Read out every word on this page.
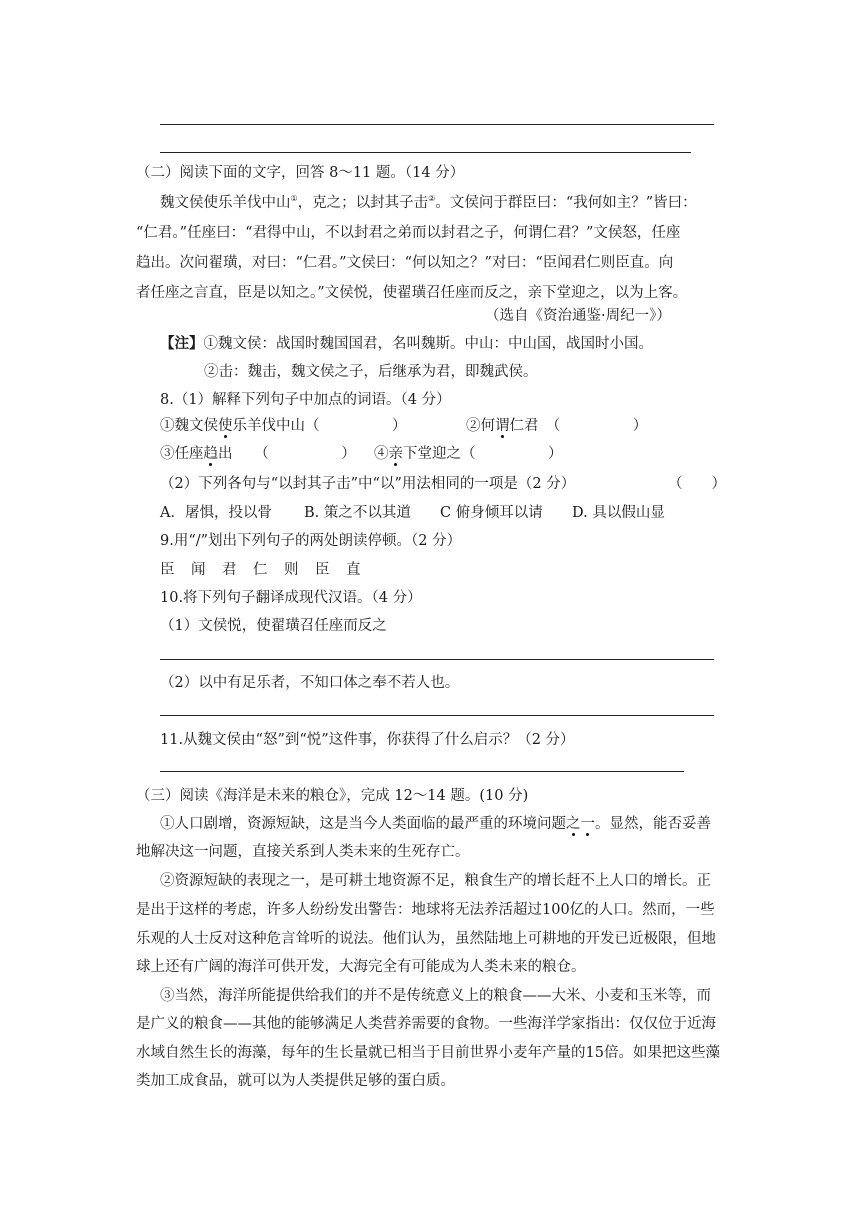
（二）阅读下面的文字，回答 8～11 题。（14 分）
魏文侯使乐羊伐中山①，克之；以封其子击②。文侯问于群臣曰：“我何如主？”皆曰：
“仁君。”任座曰：“君得中山，不以封君之弟而以封君之子，何谓仁君？”文侯怒，任座
趋出。次问翟璜，对曰：“仁君。”文侯曰：“何以知之？”对曰：“臣闻君仁则臣直。向
者任座之言直，臣是以知之。”文侯悦，使翟璜召任座而反之，亲下堂迎之，以为上客。
（选自《资治通鉴·周纪一》）
【注】①魏文侯：战国时魏国国君，名叫魏斯。中山：中山国，战国时小国。
②击：魏击，魏文侯之子，后继承为君，即魏武侯。
8.（1）解释下列句子中加点的词语。（4 分）
①魏文侯使乐羊伐中山（　　　　　）	②何谓仁君　（　　　　　）
③任座趋出　　（　　　　　） ④亲下堂迎之（　　　　　）
（2）下列各句与“以封其子击”中“以”用法相同的一项是（2 分）	（　　）
A．屠惧，投以骨 B. 策之不以其道 C 俯身倾耳以请 D. 具以假山显
9.用“/”划出下列句子的两处朗读停顿。（2 分）
臣　闻　君　仁　则　臣　直
10.将下列句子翻译成现代汉语。（4 分）
（1）文侯悦，使翟璜召任座而反之
（2）以中有足乐者，不知口体之奉不若人也。
11.从魏文侯由“怒”到“悦”这件事，你获得了什么启示？（2 分）
（三）阅读《海洋是未来的粮仓》，完成 12～14 题。(10 分)
①人口剧增，资源短缺，这是当今人类面临的最严重的环境问题之一。显然，能否妥善
地解决这一问题，直接关系到人类未来的生死存亡。
②资源短缺的表现之一，是可耕土地资源不足，粮食生产的增长赶不上人口的增长。正
是出于这样的考虑，许多人纷纷发出警告：地球将无法养活超过100亿的人口。然而，一些
乐观的人士反对这种危言耸听的说法。他们认为，虽然陆地上可耕地的开发已近极限，但地
球上还有广阔的海洋可供开发，大海完全有可能成为人类未来的粮仓。
③当然，海洋所能提供给我们的并不是传统意义上的粮食——大米、小麦和玉米等，而
是广义的粮食——其他的能够满足人类营养需要的食物。一些海洋学家指出：仅仅位于近海
水域自然生长的海藻，每年的生长量就已相当于目前世界小麦年产量的15倍。如果把这些藻
类加工成食品，就可以为人类提供足够的蛋白质。
